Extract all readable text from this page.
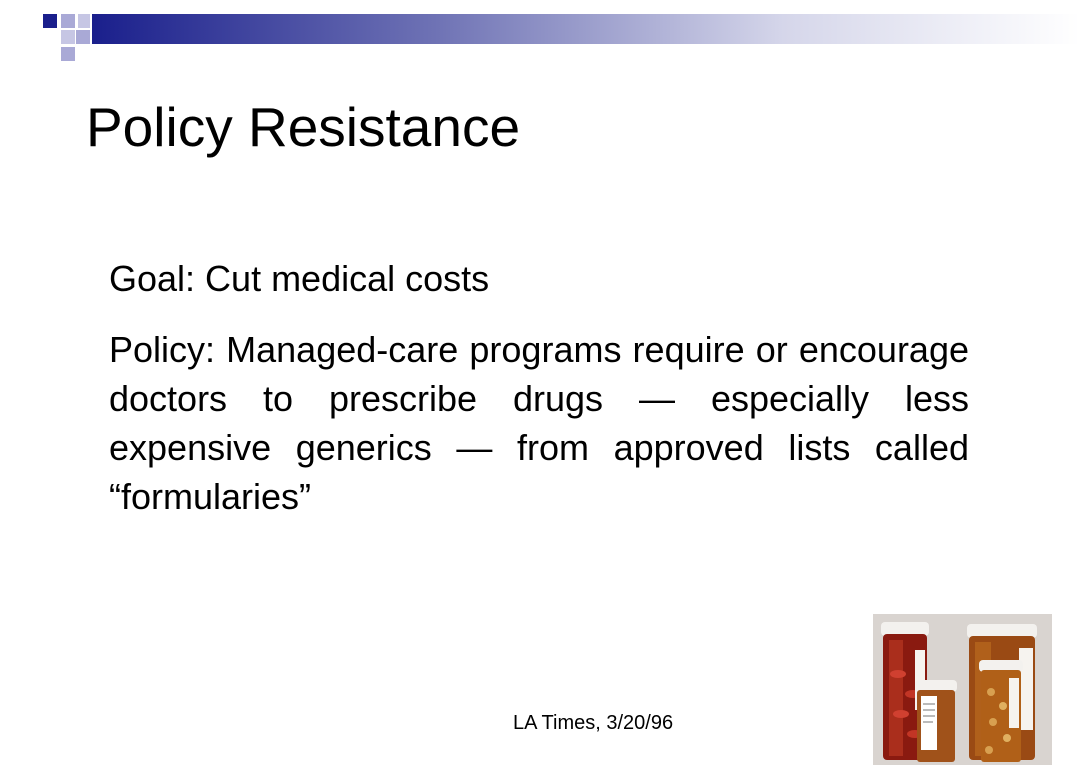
Policy Resistance

Goal: Cut medical costs

Policy: Managed-care programs require or encourage doctors to prescribe drugs — especially less expensive generics — from approved lists called “formularies”

LA Times, 3/20/96
